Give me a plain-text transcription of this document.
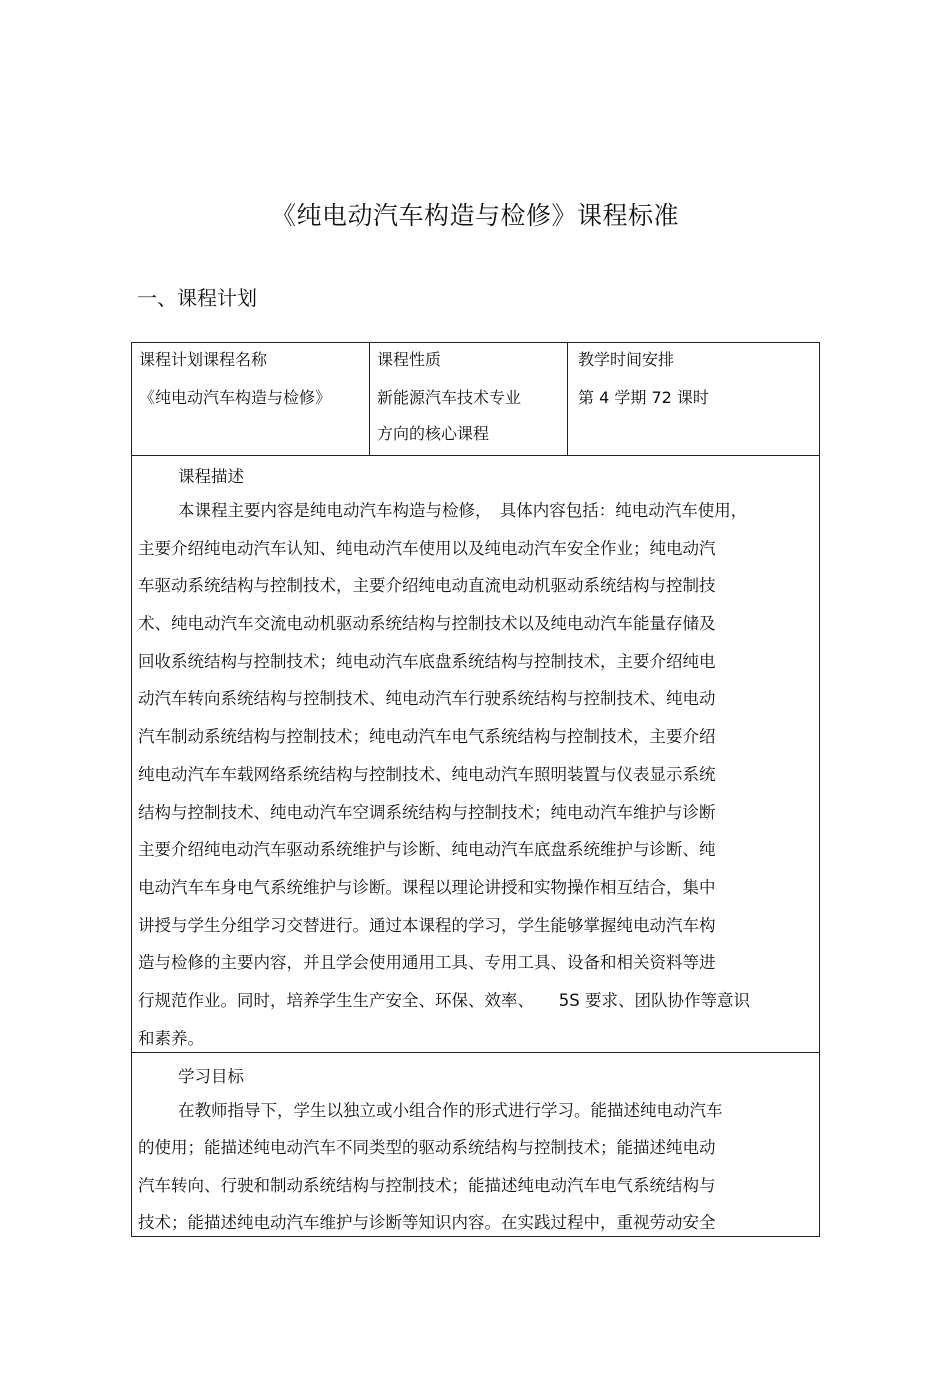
《纯电动汽车构造与检修》课程标准
一、课程计划
课程计划课程名称
《纯电动汽车构造与检修》
课程性质
新能源汽车技术专业
方向的核心课程
教学时间安排
第 4 学期 72 课时
课程描述
本课程主要内容是纯电动汽车构造与检修，　具体内容包括：纯电动汽车使用，
主要介绍纯电动汽车认知、纯电动汽车使用以及纯电动汽车安全作业；纯电动汽
车驱动系统结构与控制技术，主要介绍纯电动直流电动机驱动系统结构与控制技
术、纯电动汽车交流电动机驱动系统结构与控制技术以及纯电动汽车能量存储及
回收系统结构与控制技术；纯电动汽车底盘系统结构与控制技术，主要介绍纯电
动汽车转向系统结构与控制技术、纯电动汽车行驶系统结构与控制技术、纯电动
汽车制动系统结构与控制技术；纯电动汽车电气系统结构与控制技术，主要介绍
纯电动汽车车载网络系统结构与控制技术、纯电动汽车照明装置与仪表显示系统
结构与控制技术、纯电动汽车空调系统结构与控制技术；纯电动汽车维护与诊断
主要介绍纯电动汽车驱动系统维护与诊断、纯电动汽车底盘系统维护与诊断、纯
电动汽车车身电气系统维护与诊断。课程以理论讲授和实物操作相互结合，集中
讲授与学生分组学习交替进行。通过本课程的学习，学生能够掌握纯电动汽车构
造与检修的主要内容，并且学会使用通用工具、专用工具、设备和相关资料等进
行规范作业。同时，培养学生生产安全、环保、效率、　　5S 要求、团队协作等意识
和素养。
学习目标
在教师指导下，学生以独立或小组合作的形式进行学习。能描述纯电动汽车
的使用；能描述纯电动汽车不同类型的驱动系统结构与控制技术；能描述纯电动
汽车转向、行驶和制动系统结构与控制技术；能描述纯电动汽车电气系统结构与
技术；能描述纯电动汽车维护与诊断等知识内容。在实践过程中，重视劳动安全
